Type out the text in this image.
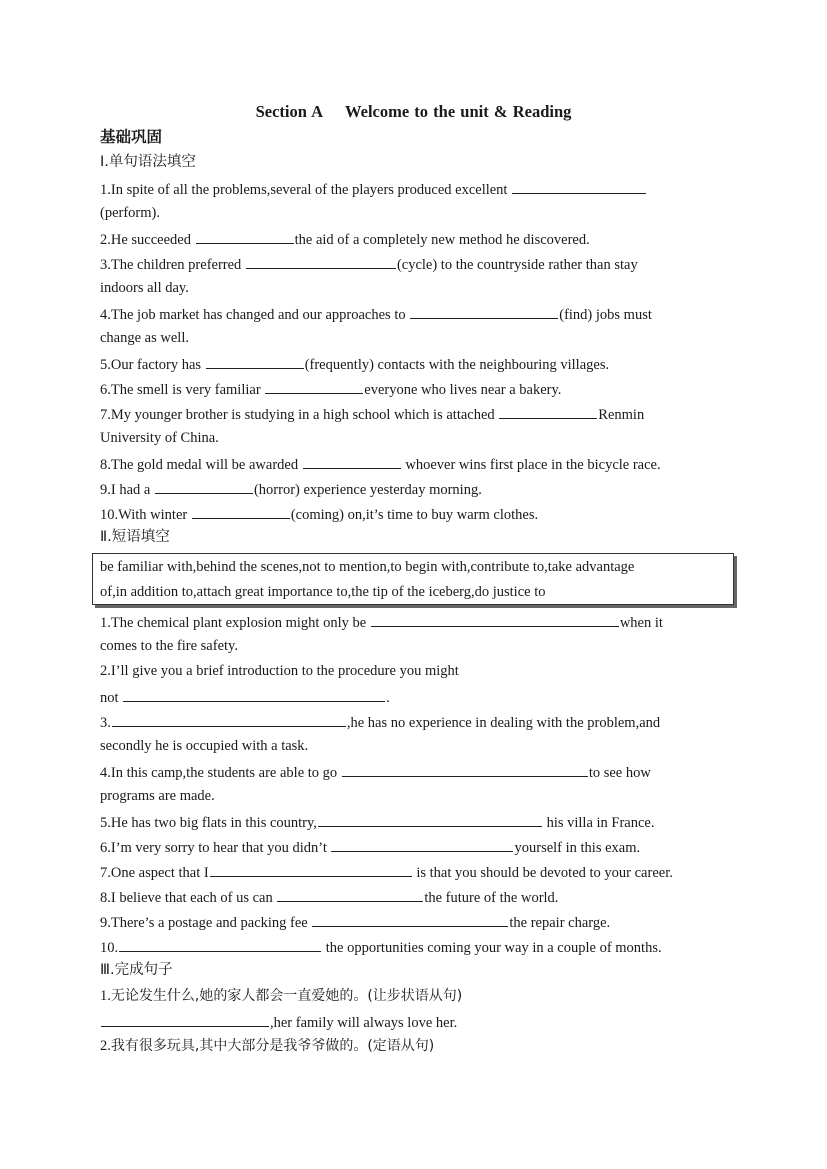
Section A Welcome to the unit & Reading
基础巩固
Ⅰ.单句语法填空
1.In spite of all the problems,several of the players produced excellent
(perform).
2.He succeeded	the aid of a completely new method he discovered.
3.The children preferred	(cycle) to the countryside rather than stay
indoors all day.
4.The job market has changed and our approaches to	(find) jobs must
change as well.
5.Our factory has	(frequently) contacts with the neighbouring villages.
6.The smell is very familiar	everyone who lives near a bakery.
7.My younger brother is studying in a high school which is attached	Renmin
University of China.
8.The gold medal will be awarded	whoever wins first place in the bicycle race.
9.I had a	(horror) experience yesterday morning.
10.With winter	(coming) on,it’s time to buy warm clothes.
Ⅱ.短语填空
be familiar with,behind the scenes,not to mention,to begin with,contribute to,take advantage
of,in addition to,attach great importance to,the tip of the iceberg,do justice to
1.The chemical plant explosion might only be	when it
comes to the fire safety.
2.I’ll give you a brief introduction to the procedure you might
not	.
3.	,he has no experience in dealing with the problem,and
secondly he is occupied with a task.
4.In this camp,the students are able to go	to see how
programs are made.
5.He has two big flats in this country,	his villa in France.
6.I’m very sorry to hear that you didn’t	yourself in this exam.
7.One aspect that I	is that you should be devoted to your career.
8.I believe that each of us can	the future of the world.
9.There’s a postage and packing fee	the repair charge.
10.	the opportunities coming your way in a couple of months.
Ⅲ.完成句子
1.无论发生什么,她的家人都会一直爱她的。(让步状语从句)
,her family will always love her.
2.我有很多玩具,其中大部分是我爷爷做的。(定语从句)
